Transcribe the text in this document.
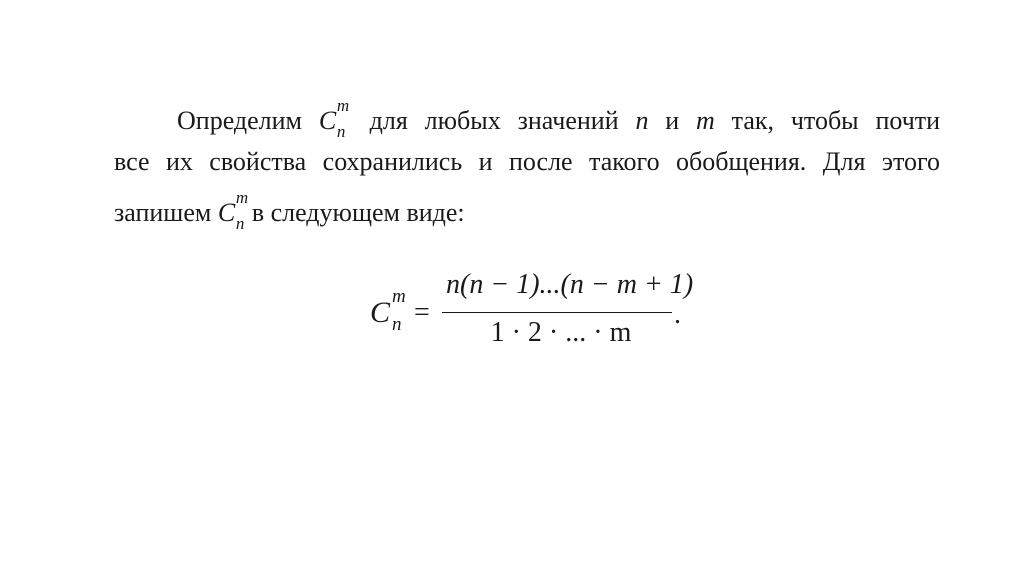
Определим C
m
n для любых значений n и m так, чтобы почти
все их свойства сохранились и после такого обобщения. Для этого
запишем C
m
n в следующем виде:
C m
n =
n(n − 1)...(n − m + 1)
1 · 2 · ... · m
.
